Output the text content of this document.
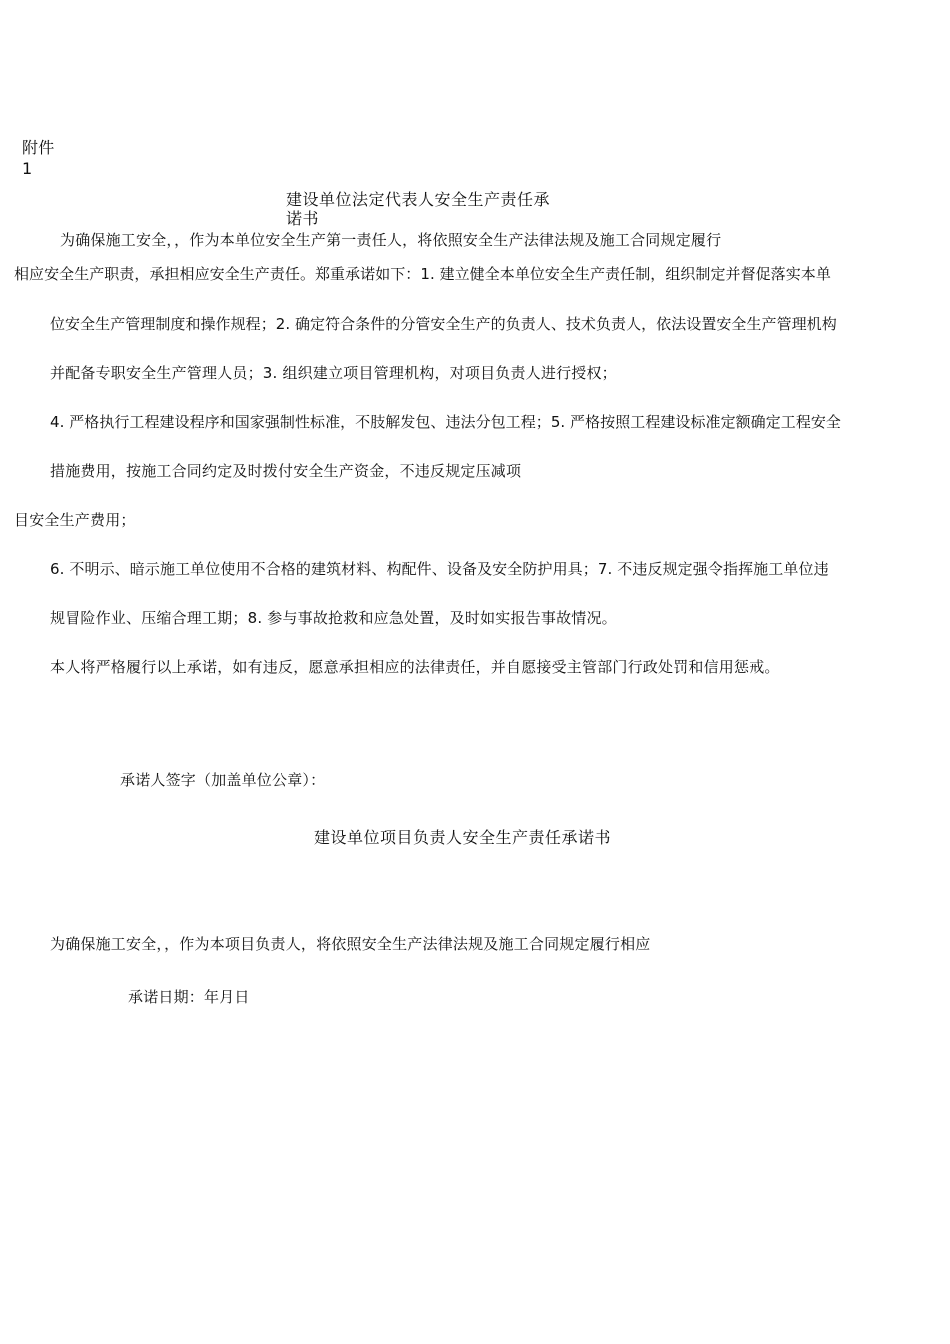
附件
1
建设单位法定代表人安全生产责任承
诺书
为确保施工安全，，作为本单位安全生产第一责任人，将依照安全生产法律法规及施工合同规定履行
相应安全生产职责，承担相应安全生产责任。郑重承诺如下：1. 建立健全本单位安全生产责任制，组织制定并督促落实本单
位安全生产管理制度和操作规程；2. 确定符合条件的分管安全生产的负责人、技术负责人，依法设置安全生产管理机构
并配备专职安全生产管理人员；3. 组织建立项目管理机构，对项目负责人进行授权；
4. 严格执行工程建设程序和国家强制性标准，不肢解发包、违法分包工程；5. 严格按照工程建设标准定额确定工程安全
措施费用，按施工合同约定及时拨付安全生产资金，不违反规定压减项
目安全生产费用；
6. 不明示、暗示施工单位使用不合格的建筑材料、构配件、设备及安全防护用具；7. 不违反规定强令指挥施工单位违
规冒险作业、压缩合理工期；8. 参与事故抢救和应急处置，及时如实报告事故情况。
本人将严格履行以上承诺，如有违反，愿意承担相应的法律责任，并自愿接受主管部门行政处罚和信用惩戒。
承诺人签字（加盖单位公章）：
建设单位项目负责人安全生产责任承诺书
为确保施工安全，，作为本项目负责人，将依照安全生产法律法规及施工合同规定履行相应
承诺日期：年月日
